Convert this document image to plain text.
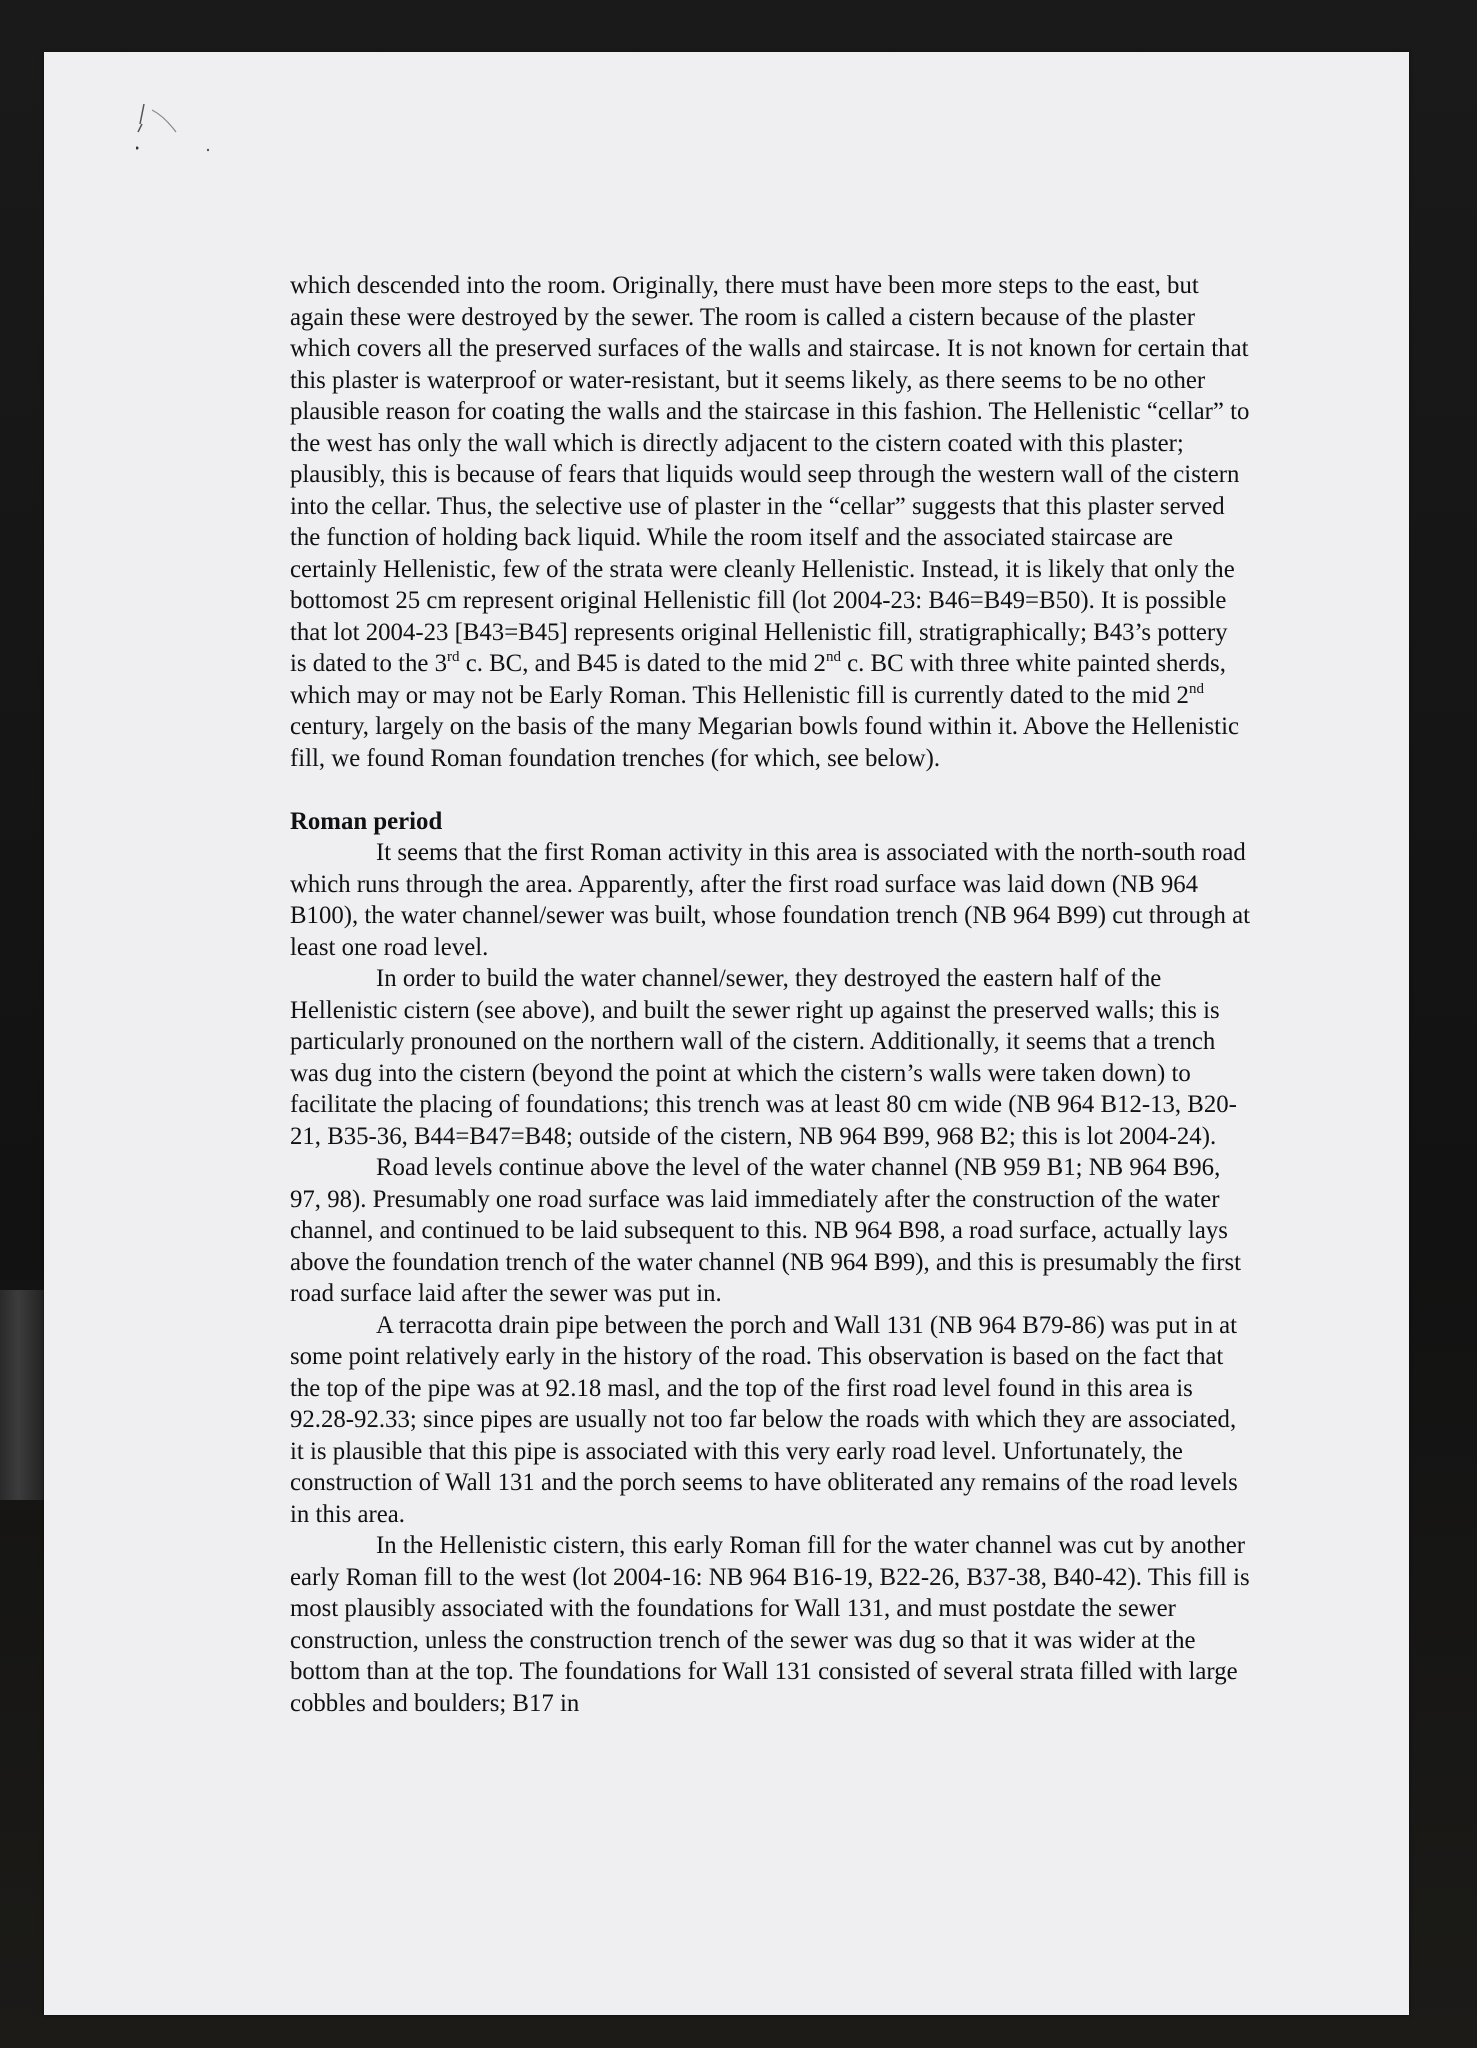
which descended into the room. Originally, there must have been more steps to the east, but again these were destroyed by the sewer. The room is called a cistern because of the plaster which covers all the preserved surfaces of the walls and staircase. It is not known for certain that this plaster is waterproof or water-resistant, but it seems likely, as there seems to be no other plausible reason for coating the walls and the staircase in this fashion. The Hellenistic “cellar” to the west has only the wall which is directly adjacent to the cistern coated with this plaster; plausibly, this is because of fears that liquids would seep through the western wall of the cistern into the cellar. Thus, the selective use of plaster in the “cellar” suggests that this plaster served the function of holding back liquid. While the room itself and the associated staircase are certainly Hellenistic, few of the strata were cleanly Hellenistic. Instead, it is likely that only the bottomost 25 cm represent original Hellenistic fill (lot 2004-23: B46=B49=B50). It is possible that lot 2004-23 [B43=B45] represents original Hellenistic fill, stratigraphically; B43’s pottery is dated to the 3rd c. BC, and B45 is dated to the mid 2nd c. BC with three white painted sherds, which may or may not be Early Roman. This Hellenistic fill is currently dated to the mid 2nd century, largely on the basis of the many Megarian bowls found within it. Above the Hellenistic fill, we found Roman foundation trenches (for which, see below).

Roman period

It seems that the first Roman activity in this area is associated with the north-south road which runs through the area. Apparently, after the first road surface was laid down (NB 964 B100), the water channel/sewer was built, whose foundation trench (NB 964 B99) cut through at least one road level.

In order to build the water channel/sewer, they destroyed the eastern half of the Hellenistic cistern (see above), and built the sewer right up against the preserved walls; this is particularly pronouned on the northern wall of the cistern. Additionally, it seems that a trench was dug into the cistern (beyond the point at which the cistern’s walls were taken down) to facilitate the placing of foundations; this trench was at least 80 cm wide (NB 964 B12-13, B20-21, B35-36, B44=B47=B48; outside of the cistern, NB 964 B99, 968 B2; this is lot 2004-24).

Road levels continue above the level of the water channel (NB 959 B1; NB 964 B96, 97, 98). Presumably one road surface was laid immediately after the construction of the water channel, and continued to be laid subsequent to this. NB 964 B98, a road surface, actually lays above the foundation trench of the water channel (NB 964 B99), and this is presumably the first road surface laid after the sewer was put in.

A terracotta drain pipe between the porch and Wall 131 (NB 964 B79-86) was put in at some point relatively early in the history of the road. This observation is based on the fact that the top of the pipe was at 92.18 masl, and the top of the first road level found in this area is 92.28-92.33; since pipes are usually not too far below the roads with which they are associated, it is plausible that this pipe is associated with this very early road level. Unfortunately, the construction of Wall 131 and the porch seems to have obliterated any remains of the road levels in this area.

In the Hellenistic cistern, this early Roman fill for the water channel was cut by another early Roman fill to the west (lot 2004-16: NB 964 B16-19, B22-26, B37-38, B40-42). This fill is most plausibly associated with the foundations for Wall 131, and must postdate the sewer construction, unless the construction trench of the sewer was dug so that it was wider at the bottom than at the top. The foundations for Wall 131 consisted of several strata filled with large cobbles and boulders; B17 in
